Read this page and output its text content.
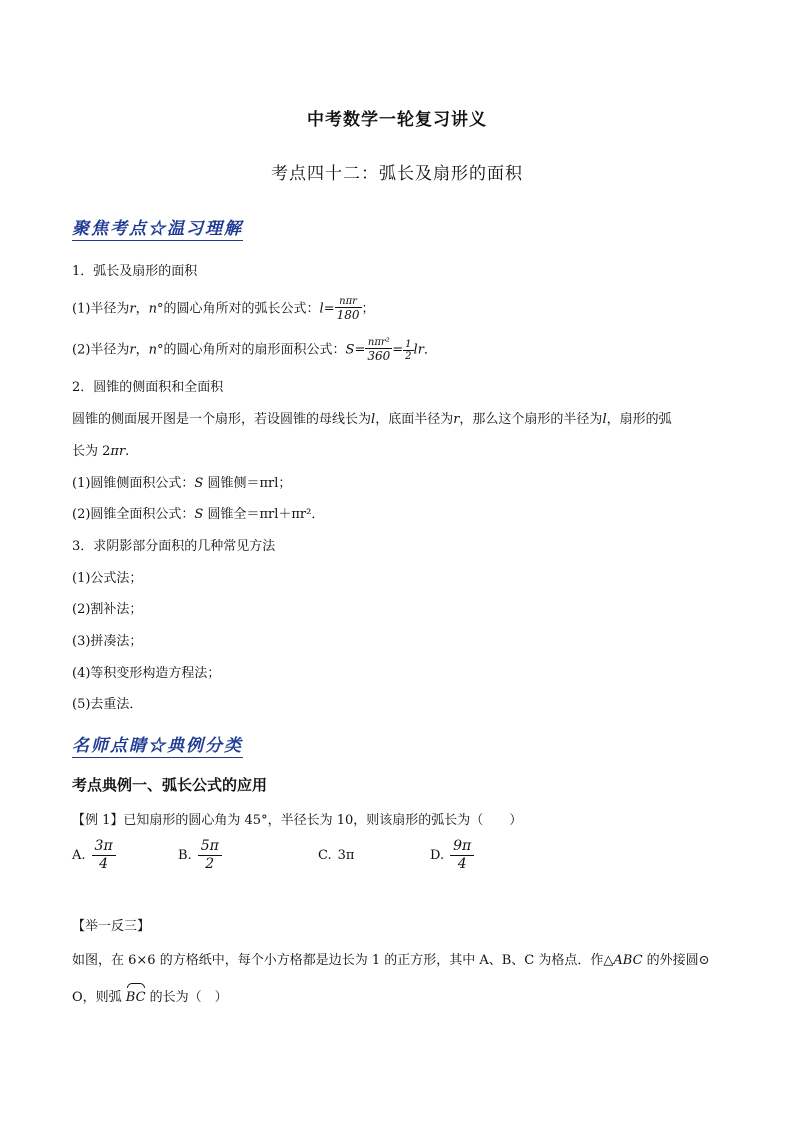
中考数学一轮复习讲义
考点四十二：弧长及扇形的面积
聚焦考点☆温习理解
1．弧长及扇形的面积
(1)半径为r，n°的圆心角所对的弧长公式：$l= \frac{\text{nπr}}{180}$ ；
(2)半径为r，n°的圆心角所对的扇形面积公式：$S= \frac{\text{nπr²}}{360} = \frac{1}{2}$ lr．
2．圆锥的侧面积和全面积
圆锥的侧面展开图是一个扇形，若设圆锥的母线长为l，底面半径为r，那么这个扇形的半径为l，扇形的弧
长为 2πr.
(1)圆锥侧面积公式：S 圆锥侧＝πrl；
(2)圆锥全面积公式：S 圆锥全＝πrl＋πr²．
3．求阴影部分面积的几种常见方法
(1)公式法；
(2)割补法；
(3)拼凑法；
(4)等积变形构造方程法；
(5)去重法．
名师点睛☆典例分类
考点典例一、弧长公式的应用
【例 1】已知扇形的圆心角为 45°，半径长为 10，则该扇形的弧长为（　　）
A. $\frac{3\pi}{4}$	B. $\frac{5\pi}{2}$	C. 3π	D. $\frac{9\pi}{4}$
【举一反三】
如图，在 6×6 的方格纸中，每个小方格都是边长为 1 的正方形，其中 A、B、C 为格点．作△ABC 的外接圆⊙
O，则弧
BC 的长为（　）
